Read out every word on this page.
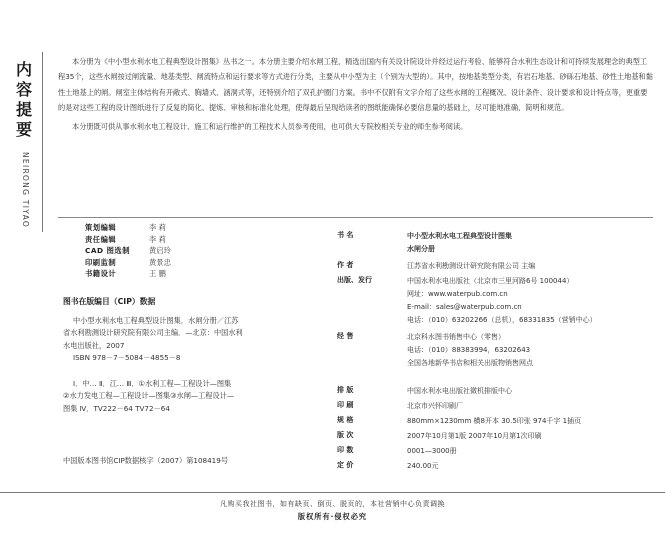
内容提要
NEIRONG TIYAO

本分册为《中小型水利水电工程典型设计图集》丛书之一。本分册主要介绍水闸工程，精选出国内有关设计院设计并经过运行考验、能够符合水利生态设计和可持续发展理念的典型工程35个，这些水闸按过闸流量、地基类型、闸流特点和运行要求等方式进行分类，主要从中小型为主（个别为大型的）。其中，按地基类型分类，有岩石地基、砂砾石地基、砂性土地基和黏性土地基上的闸。闸室主体结构有开敞式、胸墙式、涵洞式等，还特别介绍了双孔护圈门方案。书中不仅附有文字介绍了这些水闸的工程概况、设计条件、设计要求和设计特点等，更重要的是对这些工程的设计图纸进行了反复的简化、提炼、审核和标准化处理，使得最后呈现给读者的图纸能确保必要信息量的基础上，尽可能地准确、简明和规范。

本分册既可供从事水利水电工程设计、施工和运行维护的工程技术人员参考使用，也可供大专院校相关专业的师生参考阅读。

策划编辑	李 莉
责任编辑	李 莉
CAD 图选制	黄启玲
印刷监制	黄景忠
书籍设计	王 鹏
图书在版编目（CIP）数据

中小型水利水电工程典型设计图集．水闸分册／江苏

省水利勘测设计研究院有限公司主编．—北京：中国水利

水电出版社，2007

ISBN 978－7－5084－4855－8

Ⅰ．中… Ⅱ．江… Ⅲ．①水利工程—工程设计—图集

②水力发电工程—工程设计—图集③水闸—工程设计—

图集 Ⅳ．TV222－64 TV72－64

中国版本图书馆CIP数据核字（2007）第108419号
书 名	中小型水利水电工程典型设计图集

水闸分册

作 者	江苏省水利勘测设计研究院有限公司 主编

出版、发行	中国水利水电出版社（北京市三里河路6号 100044）

网址：www.waterpub.com.cn

E-mail：sales@waterpub.com.cn

电话：（010）63202266（总机），68331835（营销中心）

经 售	北京科水图书销售中心（零售）

电话：（010）88383994，63202643

全国各地新华书店和相关出版物销售网点

排 版	中国水利水电出版社微机排版中心

印 刷	北京市兴怀印刷厂

规 格	880mm×1230mm 横8开本 30.5印张 974千字 1插页

版 次	2007年10月第1版 2007年10月第1次印刷

印 数	0001—3000册

定 价	240.00元

凡购买我社图书，如有缺页、倒页、脱页的，本社营销中心负责调换
版权所有·侵权必究
